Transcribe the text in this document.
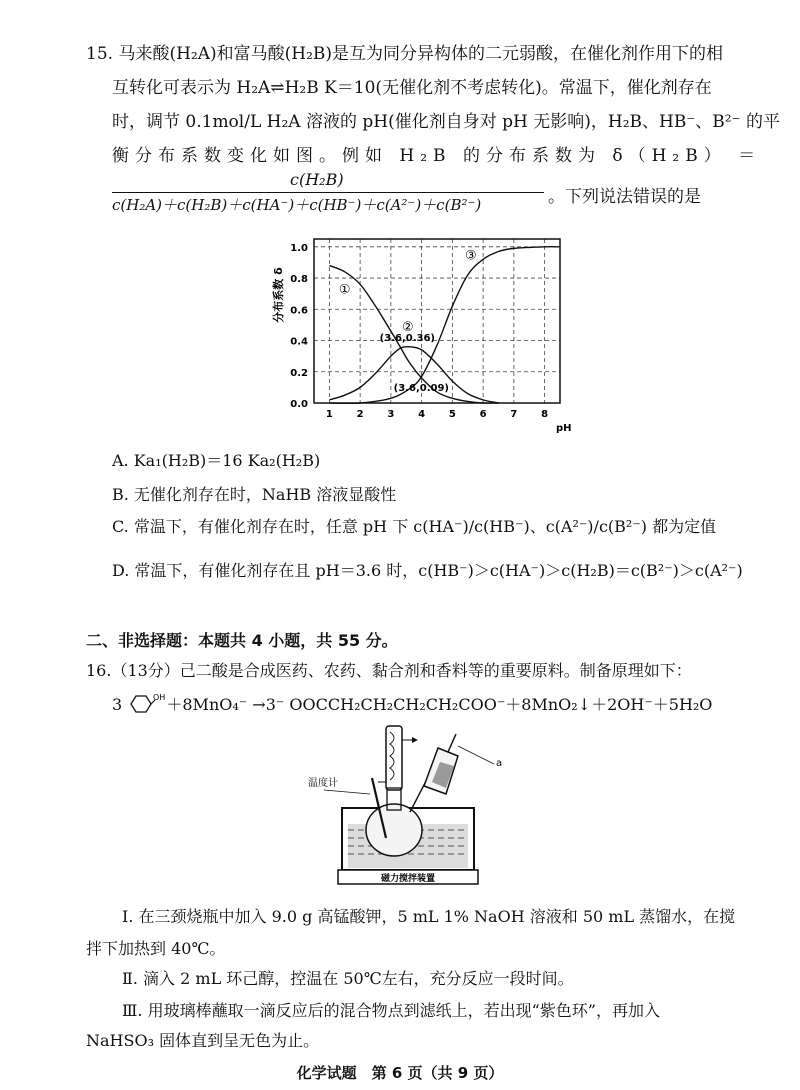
15. 马来酸(H₂A)和富马酸(H₂B)是互为同分异构体的二元弱酸，在催化剂作用下的相
互转化可表示为 H₂A⇌H₂B K＝10(无催化剂不考虑转化)。常温下，催化剂存在
时，调节 0.1mol/L H₂A 溶液的 pH(催化剂自身对 pH 无影响)，H₂B、HB⁻、B²⁻ 的平
衡分布系数变化如图。例如 H₂B 的分布系数为 δ（H₂B） ＝
c(H₂B)
c(H₂A)＋c(H₂B)＋c(HA⁻)＋c(HB⁻)＋c(A²⁻)＋c(B²⁻)	。下列说法错误的是
1 2 3 4 5 6 7 8
0.0
0.2
0.4
0.6
0.8
1.0
pH
分布系数 δ	①
②
③
(3.6,0.36)
(3.6,0.09)
A. Ka₁(H₂B)＝16 Ka₂(H₂B)
B. 无催化剂存在时，NaHB 溶液显酸性
C. 常温下，有催化剂存在时，任意 pH 下 c(HA⁻)/c(HB⁻)、c(A²⁻)/c(B²⁻) 都为定值
D. 常温下，有催化剂存在且 pH＝3.6 时，c(HB⁻)＞c(HA⁻)＞c(H₂B)＝c(B²⁻)＞c(A²⁻)
二、非选择题：本题共 4 小题，共 55 分。
16.（13分）己二酸是合成医药、农药、黏合剂和香料等的重要原料。制备原理如下：
3	OH ＋8MnO₄⁻ →3⁻ OOCCH₂CH₂CH₂CH₂COO⁻＋8MnO₂↓＋2OH⁻＋5H₂O
磁力搅拌装置
温度计
a
Ⅰ. 在三颈烧瓶中加入 9.0 g 高锰酸钾，5 mL 1% NaOH 溶液和 50 mL 蒸馏水，在搅
拌下加热到 40℃。
Ⅱ. 滴入 2 mL 环己醇，控温在 50℃左右，充分反应一段时间。
Ⅲ. 用玻璃棒蘸取一滴反应后的混合物点到滤纸上，若出现“紫色环”，再加入
NaHSO₃ 固体直到呈无色为止。
化学试题　第 6 页（共 9 页）
